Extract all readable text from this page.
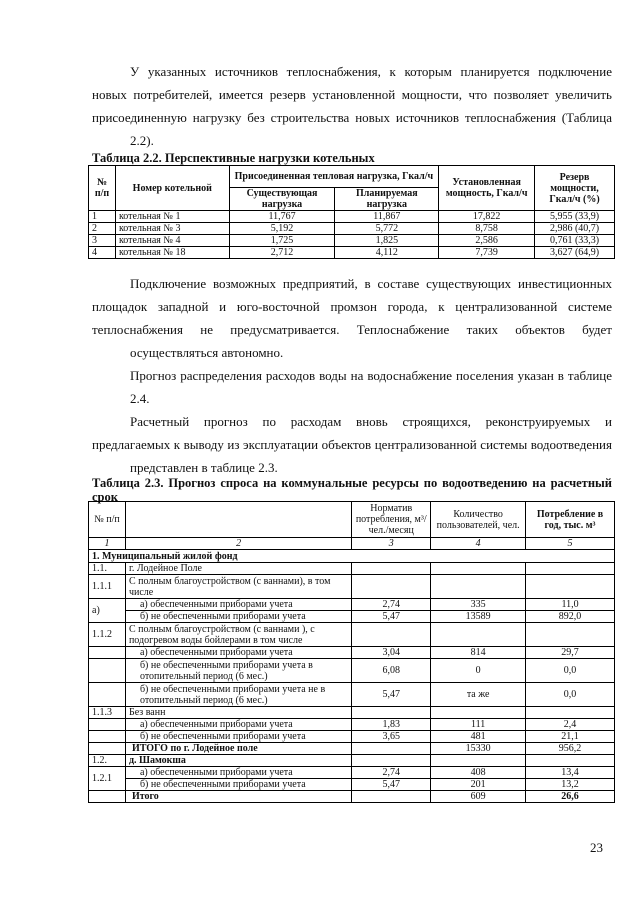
У указанных источников теплоснабжения, к которым планируется подключение новых потребителей, имеется резерв установленной мощности, что позволяет увеличить присоединенную нагрузку без строительства новых источников теплоснабжения (Таблица
2.2).

Таблица 2.2. Перспективные нагрузки котельных

№ п/п	Номер котельной	Присоединенная тепловая нагрузка, Гкал/ч		Установленная мощность, Гкал/ч	Резерв мощности, Гкал/ч (%)
		Существующая нагрузка	Планируемая нагрузка		
1	котельная № 1	11,767	11,867	17,822	5,955 (33,9)
2	котельная № 3	5,192	5,772	8,758	2,986 (40,7)
3	котельная № 4	1,725	1,825	2,586	0,761 (33,3)
4	котельная № 18	2,712	4,112	7,739	3,627 (64,9)

Подключение возможных предприятий, в составе существующих инвестиционных площадок западной и юго-восточной промзон города, к централизованной системе теплоснабжения не предусматривается. Теплоснабжение таких объектов будет
осуществляться автономно.

Прогноз распределения расходов воды на водоснабжение поселения указан в таблице
2.4.

Расчетный прогноз по расходам вновь строящихся, реконструируемых и предлагаемых к выводу из эксплуатации объектов централизованной системы водоотведения
представлен в таблице 2.3.

Таблица 2.3. Прогноз спроса на коммунальные ресурсы по водоотведению на расчетный срок

№ п/п		Норматив потребления, м³/чел./месяц	Количество пользователей, чел.	Потребление в год, тыс. м³
1	2	3	4	5
1. Муниципальный жилой фонд				
1.1.	г. Лодейное Поле			
1.1.1	С полным благоустройством (с ваннами), в том числе			
а)	а) обеспеченными приборами учета	2,74	335	11,0
	б) не обеспеченными приборами учета	5,47	13589	892,0
1.1.2	С полным благоустройством (с ваннами ), с подогревом воды бойлерами в том числе			
	а) обеспеченными приборами учета	3,04	814	29,7
	б) не обеспеченными приборами учета в отопительный период (6 мес.)	6,08	0	0,0
	б) не обеспеченными приборами учета не в отопительный период (6 мес.)	5,47	та же	0,0
1.1.3	Без ванн			
	а) обеспеченными приборами учета	1,83	111	2,4
	б) не обеспеченными приборами учета	3,65	481	21,1
	ИТОГО по г. Лодейное поле		15330	956,2
1.2.	д. Шамокша			
1.2.1	а) обеспеченными приборами учета	2,74	408	13,4
	б) не обеспеченными приборами учета	5,47	201	13,2
	Итого		609	26,6
23
